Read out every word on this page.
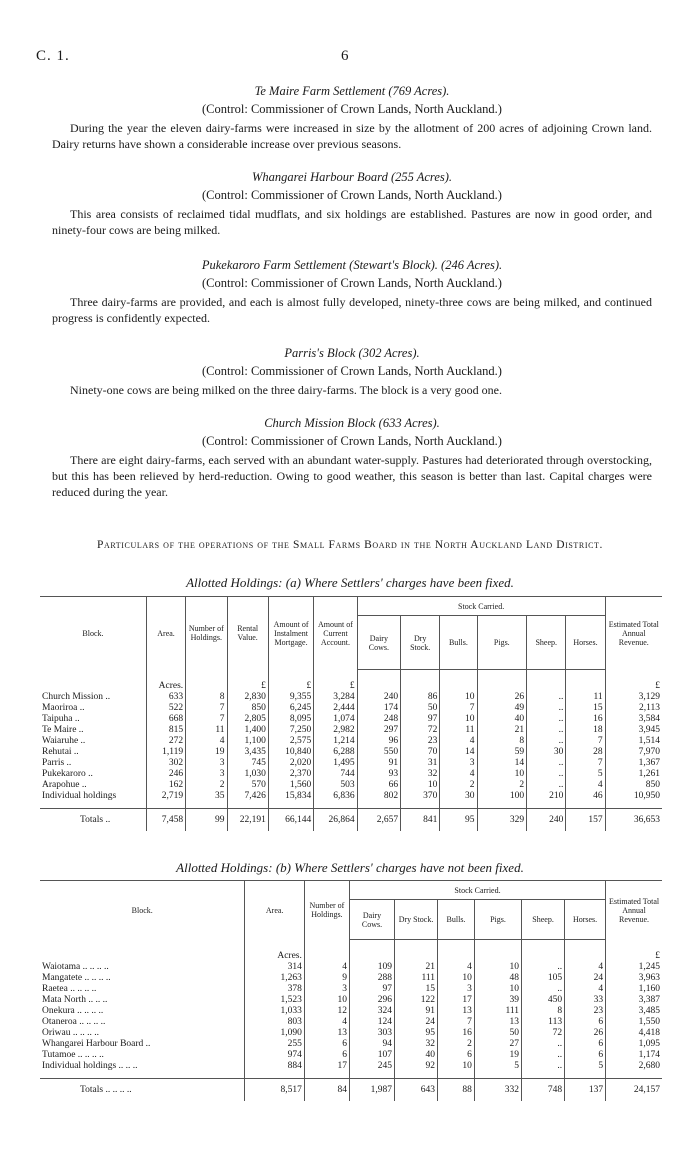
C. 1.	6

Te Maire Farm Settlement (769 Acres).

(Control: Commissioner of Crown Lands, North Auckland.)

During the year the eleven dairy-farms were increased in size by the allotment of 200 acres of adjoining Crown land. Dairy returns have shown a considerable increase over previous seasons.

Whangarei Harbour Board (255 Acres).

(Control: Commissioner of Crown Lands, North Auckland.)

This area consists of reclaimed tidal mudflats, and six holdings are established. Pastures are now in good order, and ninety-four cows are being milked.

Pukekaroro Farm Settlement (Stewart's Block). (246 Acres).

(Control: Commissioner of Crown Lands, North Auckland.)

Three dairy-farms are provided, and each is almost fully developed, ninety-three cows are being milked, and continued progress is confidently expected.

Parris's Block (302 Acres).

(Control: Commissioner of Crown Lands, North Auckland.)

Ninety-one cows are being milked on the three dairy-farms. The block is a very good one.

Church Mission Block (633 Acres).

(Control: Commissioner of Crown Lands, North Auckland.)

There are eight dairy-farms, each served with an abundant water-supply. Pastures had deteriorated through overstocking, but this has been relieved by herd-reduction. Owing to good weather, this season is better than last. Capital charges were reduced during the year.

Particulars of the operations of the Small Farms Board in the North Auckland Land District.
Allotted Holdings: (a) Where Settlers' charges have been fixed.
Block.	Area.	Number of Holdings.	Rental Value.	Amount of Instalment Mortgage.	Amount of Current Account.	Stock Carried.						Estimated Total Annual Revenue.
						Dairy Cows.	Dry Stock.	Bulls.	Pigs.	Sheep.	Horses.	
	Acres.		£	£	£							£
Church Mission ..	633	8	2,830	9,355	3,284	240	86	10	26	..	11	3,129
Maoriroa ..	522	7	850	6,245	2,444	174	50	7	49	..	15	2,113
Taipuha ..	668	7	2,805	8,095	1,074	248	97	10	40	..	16	3,584
Te Maire ..	815	11	1,400	7,250	2,982	297	72	11	21	..	18	3,945
Waiaruhe ..	272	4	1,100	2,575	1,214	96	23	4	8	..	7	1,514
Rehutai ..	1,119	19	3,435	10,840	6,288	550	70	14	59	30	28	7,970
Parris ..	302	3	745	2,020	1,495	91	31	3	14	..	7	1,367
Pukekaroro ..	246	3	1,030	2,370	744	93	32	4	10	..	5	1,261
Arapohue ..	162	2	570	1,560	503	66	10	2	2	..	4	850
Individual holdings	2,719	35	7,426	15,834	6,836	802	370	30	100	210	46	10,950

Totals ..	7,458	99	22,191	66,144	26,864	2,657	841	95	329	240	157	36,653
Allotted Holdings: (b) Where Settlers' charges have not been fixed.
Block.	Area.	Number of Holdings.	Stock Carried.						Estimated Total Annual Revenue.
			Dairy Cows.	Dry Stock.	Bulls.	Pigs.	Sheep.	Horses.	
	Acres.								£
Waiotama .. .. .. ..	314	4	109	21	4	10	..	4	1,245
Mangatete .. .. .. ..	1,263	9	288	111	10	48	105	24	3,963
Raetea .. .. .. ..	378	3	97	15	3	10	..	4	1,160
Mata North .. .. ..	1,523	10	296	122	17	39	450	33	3,387
Onekura .. .. .. ..	1,033	12	324	91	13	111	8	23	3,485
Otaneroa .. .. .. ..	803	4	124	24	7	13	113	6	1,550
Oriwau .. .. .. ..	1,090	13	303	95	16	50	72	26	4,418
Whangarei Harbour Board ..	255	6	94	32	2	27	..	6	1,095
Tutamoe .. .. .. ..	974	6	107	40	6	19	..	6	1,174
Individual holdings .. .. ..	884	17	245	92	10	5	..	5	2,680

Totals .. .. .. ..	8,517	84	1,987	643	88	332	748	137	24,157
